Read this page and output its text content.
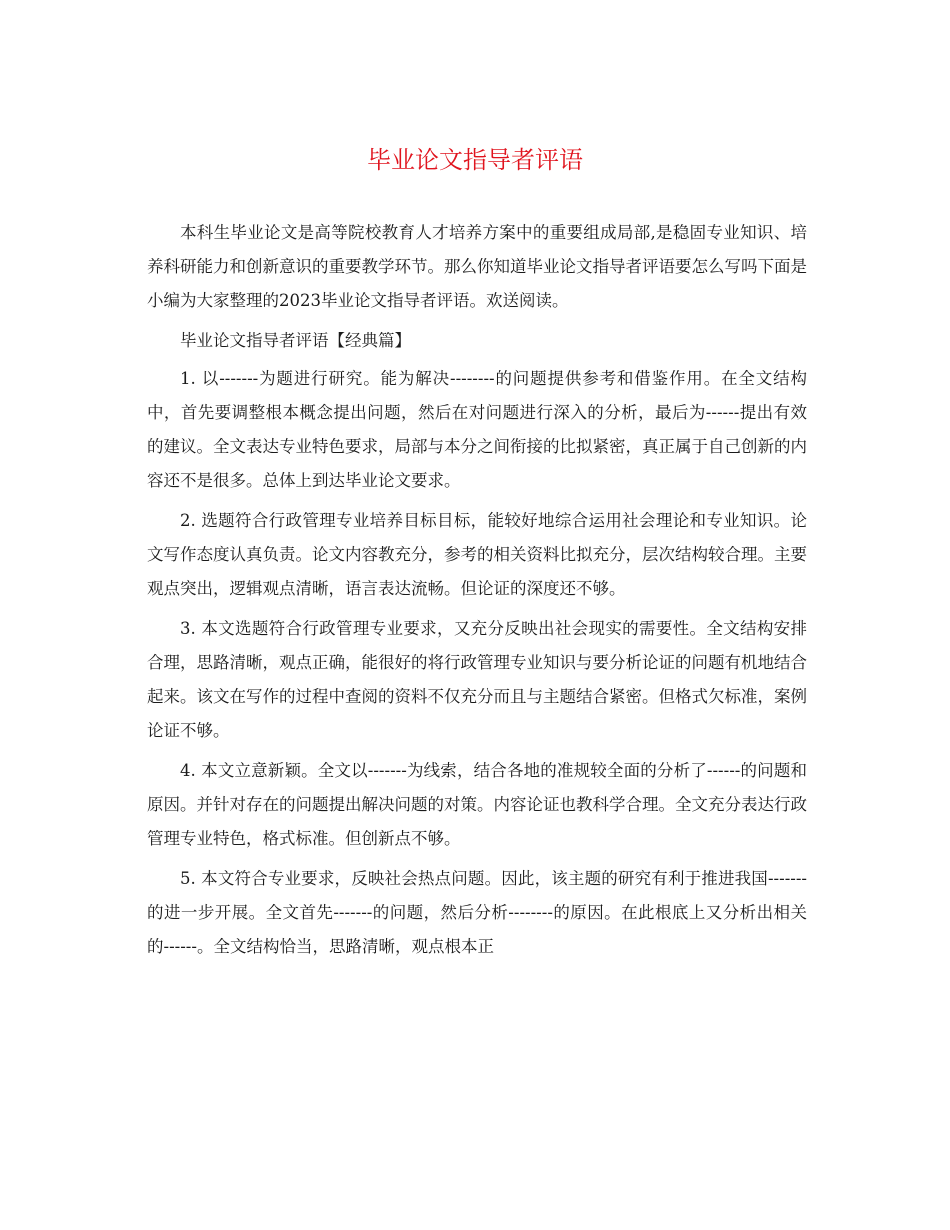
毕业论文指导者评语

本科生毕业论文是高等院校教育人才培养方案中的重要组成局部,是稳固专业知识、培养科研能力和创新意识的重要教学环节。那么你知道毕业论文指导者评语要怎么写吗下面是小编为大家整理的2023毕业论文指导者评语。欢送阅读。

毕业论文指导者评语【经典篇】

1. 以-------为题进行研究。能为解决--------的问题提供参考和借鉴作用。在全文结构中，首先要调整根本概念提出问题，然后在对问题进行深入的分析，最后为------提出有效的建议。全文表达专业特色要求，局部与本分之间衔接的比拟紧密，真正属于自己创新的内容还不是很多。总体上到达毕业论文要求。

2. 选题符合行政管理专业培养目标目标，能较好地综合运用社会理论和专业知识。论文写作态度认真负责。论文内容教充分，参考的相关资料比拟充分，层次结构较合理。主要观点突出，逻辑观点清晰，语言表达流畅。但论证的深度还不够。

3. 本文选题符合行政管理专业要求，又充分反映出社会现实的需要性。全文结构安排合理，思路清晰，观点正确，能很好的将行政管理专业知识与要分析论证的问题有机地结合起来。该文在写作的过程中查阅的资料不仅充分而且与主题结合紧密。但格式欠标准，案例论证不够。

4. 本文立意新颖。全文以-------为线索，结合各地的准规较全面的分析了------的问题和原因。并针对存在的问题提出解决问题的对策。内容论证也教科学合理。全文充分表达行政管理专业特色，格式标准。但创新点不够。

5. 本文符合专业要求，反映社会热点问题。因此，该主题的研究有利于推进我国-------的进一步开展。全文首先-------的问题，然后分析--------的原因。在此根底上又分析出相关的------。全文结构恰当，思路清晰，观点根本正
